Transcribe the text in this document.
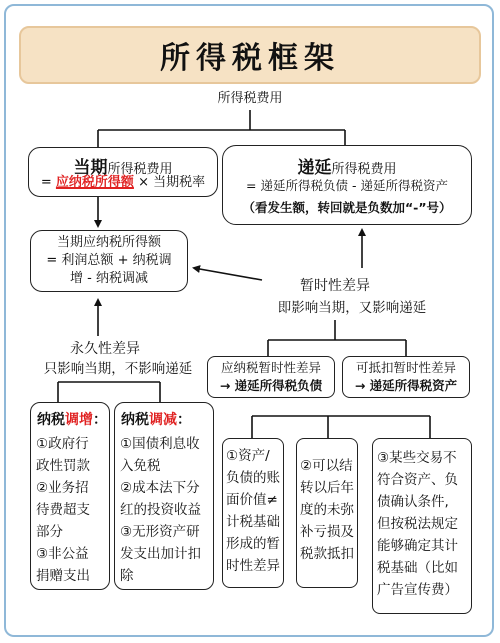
所得税框架
所得税费用
当期所得税费用
= 应纳税所得额 × 当期税率
递延所得税费用
= 递延所得税负债 - 递延所得税资产
（看发生额，转回就是负数加“-”号）
当期应纳税所得额
= 利润总额 + 纳税调
增 - 纳税调减	暂时性差异
即影响当期，又影响递延
永久性差异
只影响当期，不影响递延	应纳税暂时性差异
→ 递延所得税负债
可抵扣暂时性差异
→ 递延所得税资产
纳税调增：
①政府行
政性罚款
②业务招
待费超支
部分
③非公益
捐赠支出
纳税调减：
①国债利息收
入免税
②成本法下分
红的投资收益
③无形资产研
发支出加计扣
除
①资产/
负债的账
面价值≠
计税基础
形成的暂
时性差异
②可以结
转以后年
度的未弥
补亏损及
税款抵扣
③某些交易不
符合资产、负
债确认条件,
但按税法规定
能够确定其计
税基础（比如
广告宣传费）
